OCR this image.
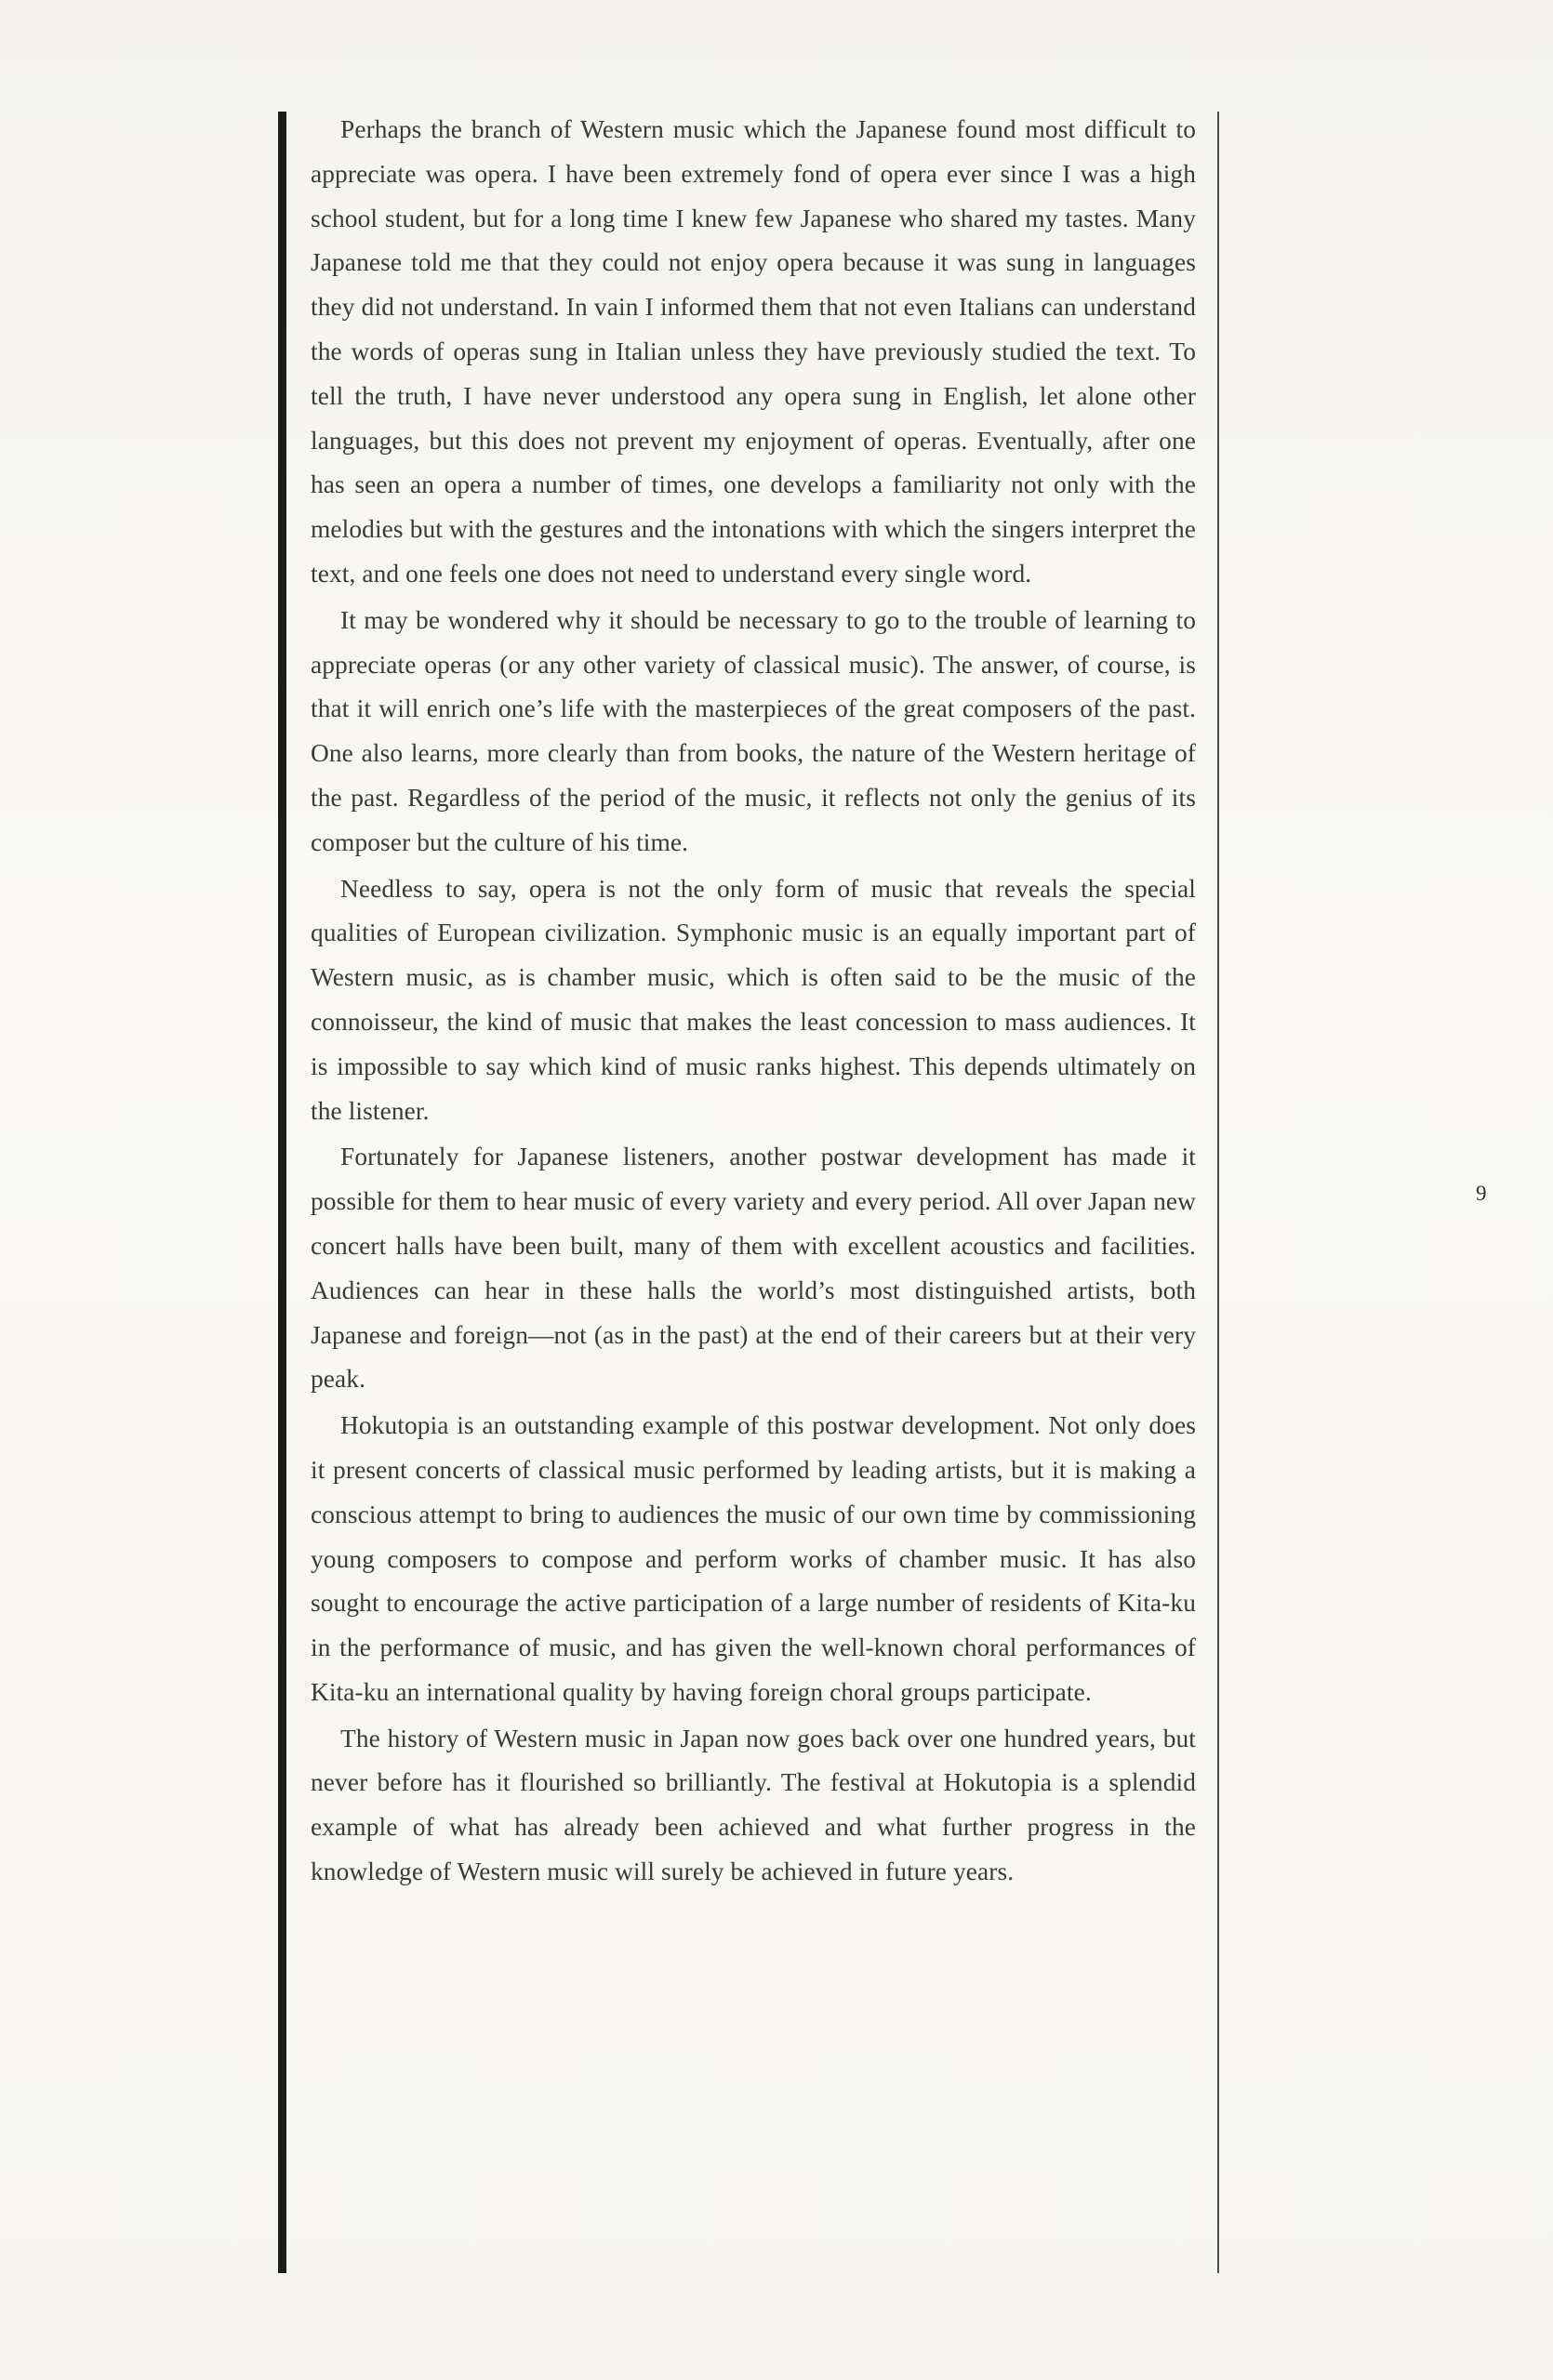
Perhaps the branch of Western music which the Japanese found most difficult to appreciate was opera. I have been extremely fond of opera ever since I was a high school student, but for a long time I knew few Japanese who shared my tastes. Many Japanese told me that they could not enjoy opera because it was sung in languages they did not understand. In vain I informed them that not even Italians can understand the words of operas sung in Italian unless they have previously studied the text. To tell the truth, I have never understood any opera sung in English, let alone other languages, but this does not prevent my enjoyment of operas. Eventually, after one has seen an opera a number of times, one develops a familiarity not only with the melodies but with the gestures and the intonations with which the singers interpret the text, and one feels one does not need to understand every single word.

It may be wondered why it should be necessary to go to the trouble of learning to appreciate operas (or any other variety of classical music). The answer, of course, is that it will enrich one’s life with the masterpieces of the great composers of the past. One also learns, more clearly than from books, the nature of the Western heritage of the past. Regardless of the period of the music, it reflects not only the genius of its composer but the culture of his time.

Needless to say, opera is not the only form of music that reveals the special qualities of European civilization. Symphonic music is an equally important part of Western music, as is chamber music, which is often said to be the music of the connoisseur, the kind of music that makes the least concession to mass audiences. It is impossible to say which kind of music ranks highest. This depends ultimately on the listener.

Fortunately for Japanese listeners, another postwar development has made it possible for them to hear music of every variety and every period. All over Japan new concert halls have been built, many of them with excellent acoustics and facilities. Audiences can hear in these halls the world’s most distinguished artists, both Japanese and foreign—not (as in the past) at the end of their careers but at their very peak.

Hokutopia is an outstanding example of this postwar development. Not only does it present concerts of classical music performed by leading artists, but it is making a conscious attempt to bring to audiences the music of our own time by commissioning young composers to compose and perform works of chamber music. It has also sought to encourage the active participation of a large number of residents of Kita-ku in the performance of music, and has given the well-known choral performances of Kita-ku an international quality by having foreign choral groups participate.

The history of Western music in Japan now goes back over one hundred years, but never before has it flourished so brilliantly. The festival at Hokutopia is a splendid example of what has already been achieved and what further progress in the knowledge of Western music will surely be achieved in future years.

9
